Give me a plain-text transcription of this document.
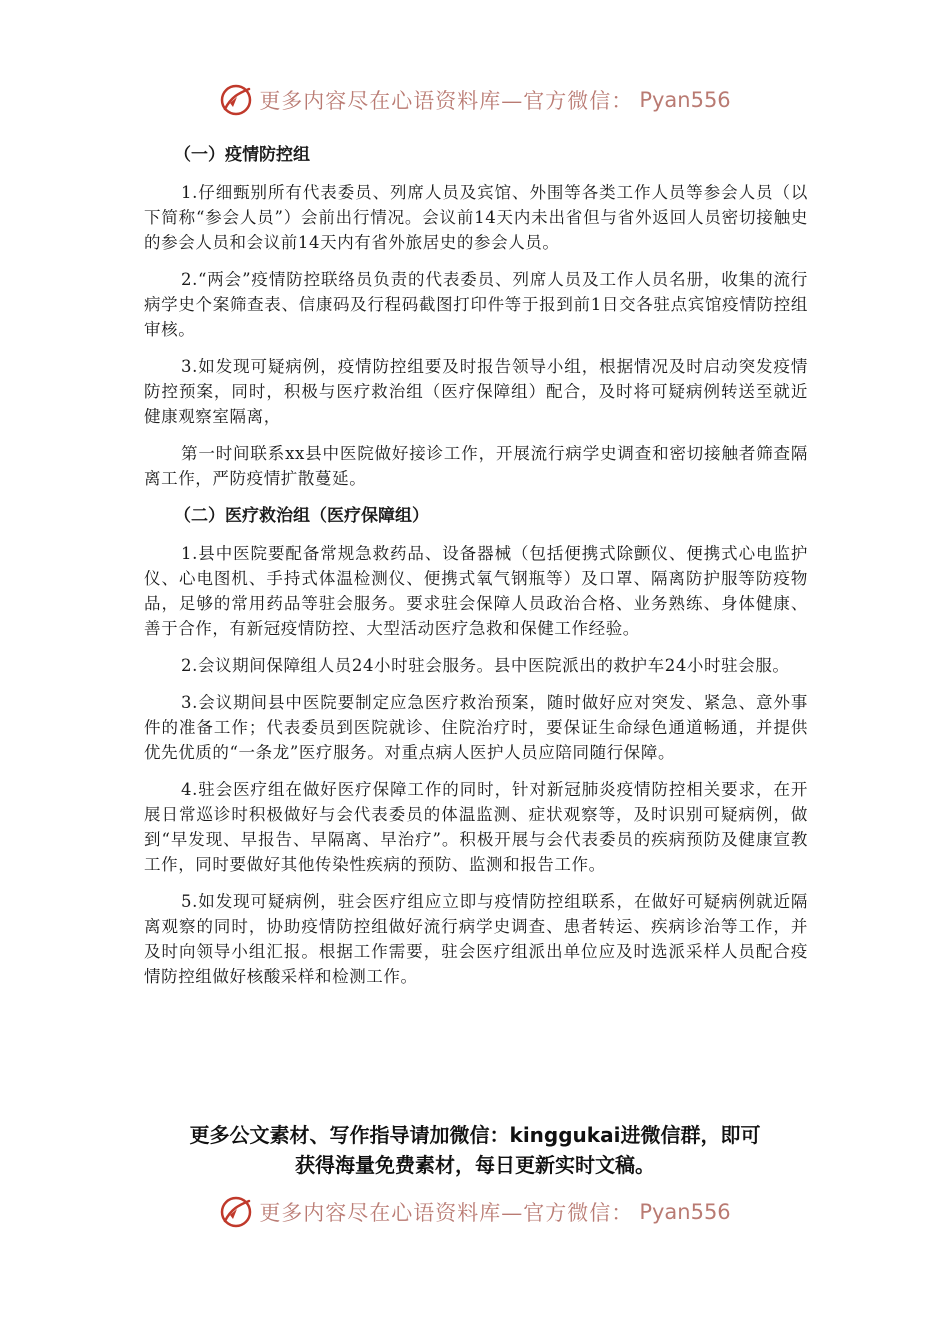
更多内容尽在心语资料库—官方微信： Pyan556
（一）疫情防控组

1.仔细甄别所有代表委员、列席人员及宾馆、外围等各类工作人员等参会人员（以下简称“参会人员”）会前出行情况。会议前14天内未出省但与省外返回人员密切接触史的参会人员和会议前14天内有省外旅居史的参会人员。

2.“两会”疫情防控联络员负责的代表委员、列席人员及工作人员名册，收集的流行病学史个案筛查表、信康码及行程码截图打印件等于报到前1日交各驻点宾馆疫情防控组审核。

3.如发现可疑病例，疫情防控组要及时报告领导小组，根据情况及时启动突发疫情防控预案，同时，积极与医疗救治组（医疗保障组）配合，及时将可疑病例转送至就近健康观察室隔离，

第一时间联系xx县中医院做好接诊工作，开展流行病学史调查和密切接触者筛查隔离工作，严防疫情扩散蔓延。

（二）医疗救治组（医疗保障组）

1.县中医院要配备常规急救药品、设备器械（包括便携式除颤仪、便携式心电监护仪、心电图机、手持式体温检测仪、便携式氧气钢瓶等）及口罩、隔离防护服等防疫物品，足够的常用药品等驻会服务。要求驻会保障人员政治合格、业务熟练、身体健康、善于合作，有新冠疫情防控、大型活动医疗急救和保健工作经验。

2.会议期间保障组人员24小时驻会服务。县中医院派出的救护车24小时驻会服。

3.会议期间县中医院要制定应急医疗救治预案，随时做好应对突发、紧急、意外事件的准备工作；代表委员到医院就诊、住院治疗时，要保证生命绿色通道畅通，并提供优先优质的“一条龙”医疗服务。对重点病人医护人员应陪同随行保障。

4.驻会医疗组在做好医疗保障工作的同时，针对新冠肺炎疫情防控相关要求，在开展日常巡诊时积极做好与会代表委员的体温监测、症状观察等，及时识别可疑病例，做到“早发现、早报告、早隔离、早治疗”。积极开展与会代表委员的疾病预防及健康宣教工作，同时要做好其他传染性疾病的预防、监测和报告工作。

5.如发现可疑病例，驻会医疗组应立即与疫情防控组联系，在做好可疑病例就近隔离观察的同时，协助疫情防控组做好流行病学史调查、患者转运、疾病诊治等工作，并及时向领导小组汇报。根据工作需要，驻会医疗组派出单位应及时选派采样人员配合疫情防控组做好核酸采样和检测工作。

更多公文素材、写作指导请加微信：kinggukai进微信群，即可
获得海量免费素材，每日更新实时文稿。
更多内容尽在心语资料库—官方微信： Pyan556
